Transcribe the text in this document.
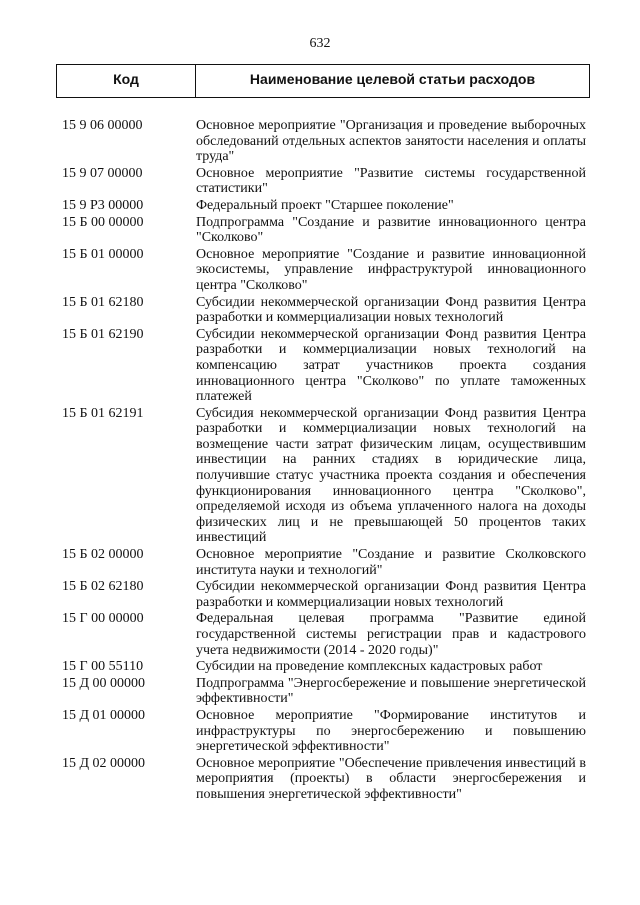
632
Код	Наименование целевой статьи расходов
15 9 06 00000	Основное мероприятие "Организация и проведение выборочных обследований отдельных аспектов занятости населения и оплаты труда"
15 9 07 00000	Основное мероприятие "Развитие системы государственной статистики"
15 9 P3 00000	Федеральный проект "Старшее поколение"
15 Б 00 00000	Подпрограмма "Создание и развитие инновационного центра "Сколково"
15 Б 01 00000	Основное мероприятие "Создание и развитие инновационной экосистемы, управление инфраструктурой инновационного центра "Сколково"
15 Б 01 62180	Субсидии некоммерческой организации Фонд развития Центра разработки и коммерциализации новых технологий
15 Б 01 62190	Субсидии некоммерческой организации Фонд развития Центра разработки и коммерциализации новых технологий на компенсацию затрат участников проекта создания инновационного центра "Сколково" по уплате таможенных платежей
15 Б 01 62191	Субсидия некоммерческой организации Фонд развития Центра разработки и коммерциализации новых технологий на возмещение части затрат физическим лицам, осуществившим инвестиции на ранних стадиях в юридические лица, получившие статус участника проекта создания и обеспечения функционирования инновационного центра "Сколково", определяемой исходя из объема уплаченного налога на доходы физических лиц и не превышающей 50 процентов таких инвестиций
15 Б 02 00000	Основное мероприятие "Создание и развитие Сколковского института науки и технологий"
15 Б 02 62180	Субсидии некоммерческой организации Фонд развития Центра разработки и коммерциализации новых технологий
15 Г 00 00000	Федеральная целевая программа "Развитие единой государственной системы регистрации прав и кадастрового учета недвижимости (2014 - 2020 годы)"
15 Г 00 55110	Субсидии на проведение комплексных кадастровых работ
15 Д 00 00000	Подпрограмма "Энергосбережение и повышение энергетической эффективности"
15 Д 01 00000	Основное мероприятие "Формирование институтов и инфраструктуры по энергосбережению и повышению энергетической эффективности"
15 Д 02 00000	Основное мероприятие "Обеспечение привлечения инвестиций в мероприятия (проекты) в области энергосбережения и повышения энергетической эффективности"
